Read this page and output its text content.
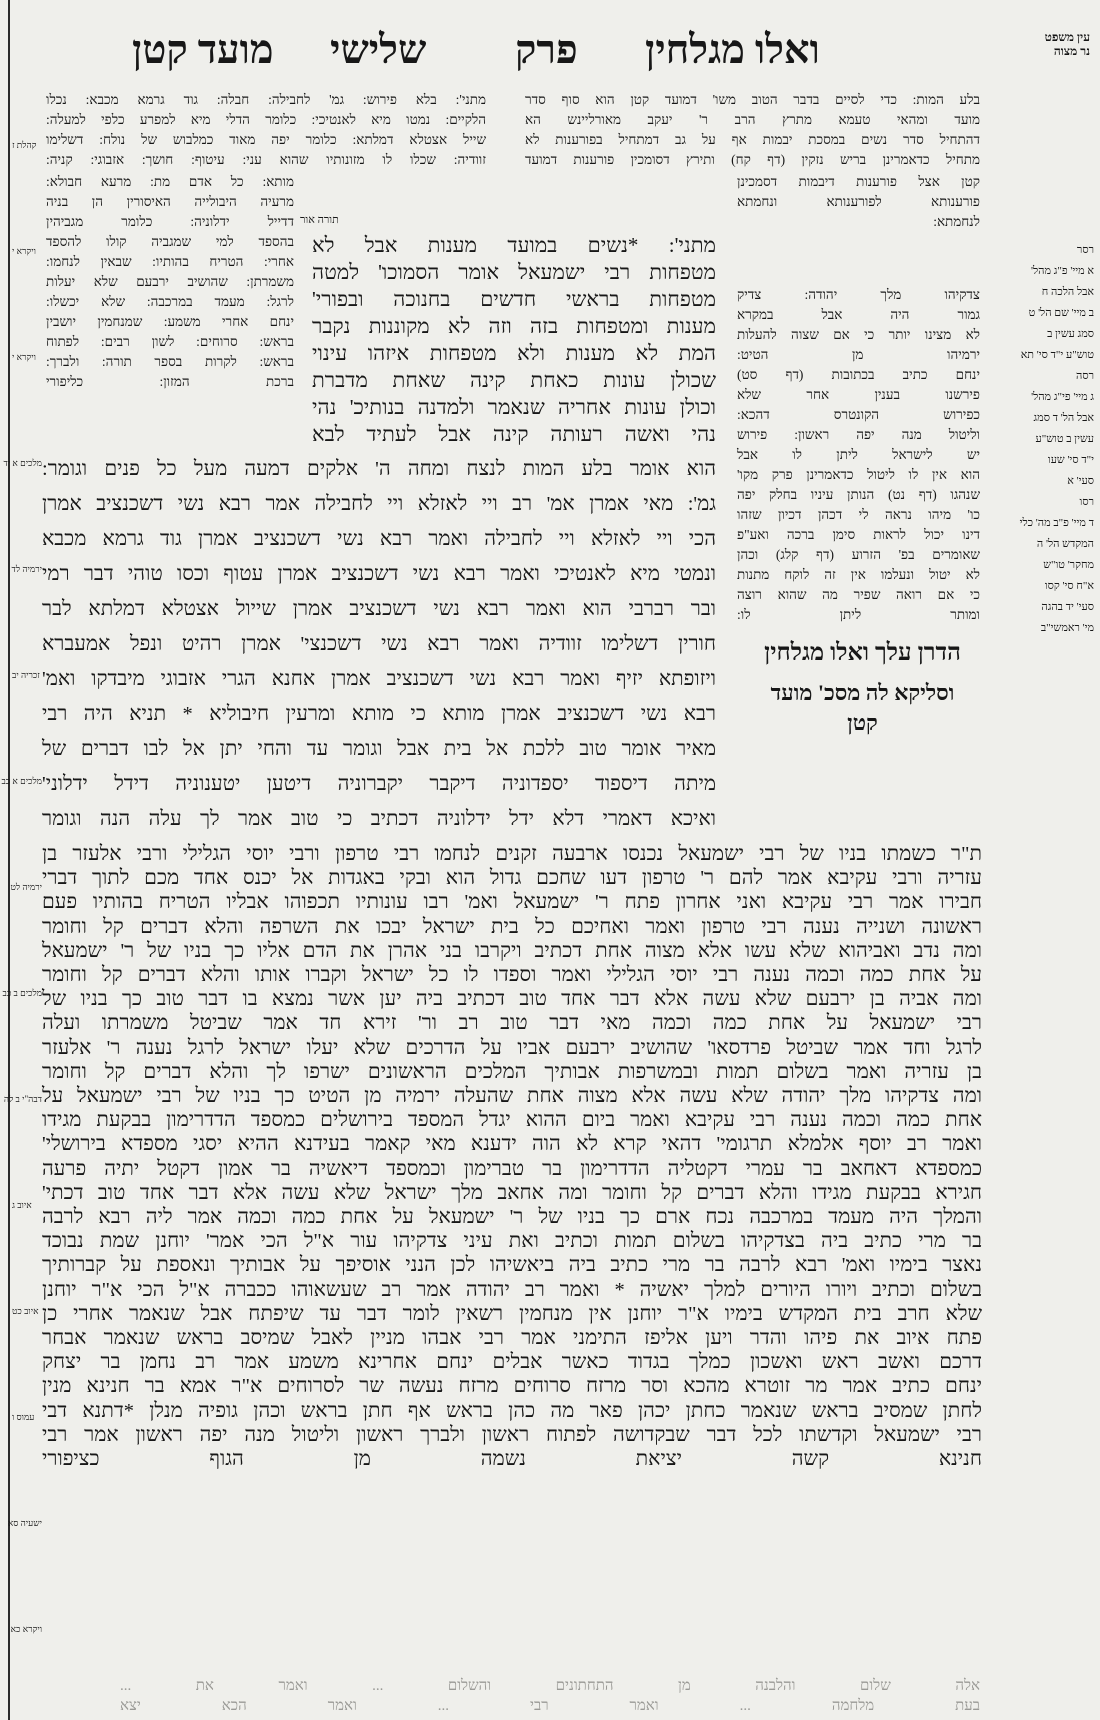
מועד קטן שלישי פרק ואלו מגלחין	עין משפט
נר מצוה
רסר
א מיי' פ"ג מהל'
אבל הלכה ח
ב מיי' שם הל' ט
סמג עשין ב
טוש"ע י"ד סי' תא
רסה
ג מיי' פי"ג מהל'
אבל הל' ד סמג
עשין ב טוש"ע
י"ד סי' שעו
סעי' א
רסו
ד מיי' פ"ב מה' כלי
המקדש הל' ה
מחקר' טו"ש
א"ח סי' קסו
סעי' יד בהגה
מי' ראמשי"ב
קהלת ז
ויקרא י
ויקרא י
מלכים א יד
ירמיה לד
זכריה יב
מלכים א כב
ירמיה לט
מלכים ב כב
דבה"י ב לה
איוב ג
איוב כט
עמוס ו
ישעיה סא
ויקרא כא
מתני': בלא פירוש: גמ' לחבילה: חבלה: גוד גרמא מכבא: נכלו
הלקיים: נמטו מיא לאנטיכי: כלומר הדלי מיא למפרע כלפי למעלה:
שייל אצטלא דמלתא: כלומר יפה מאוד כמלבוש של נולח: דשלימו
זוודיה: שכלו לו מזונותיו שהוא עני: עיטוף: חושך: אזבוגי: קניה:
מותא: כל אדם מת: מרעא חבולא:
מרעיה היבולייה האיסורין הן בניה
דדייל ידלוניה: כלומר מגביהין
בהספד למי שמגביה קולו להספד
אחרי: הטריח בהותיו: שבאין לנחמו:
משמרתן: שהושיב ירבעם שלא יעלות
לרגל: מעמד במרכבה: שלא יכשלו:
ינחם אחרי משמע: שמנחמין יושבין
בראש: סרוחים: לשון רבים: לפתוח
בראש: לקרות בספר תורה: ולברך:
ברכת המזון: כליפורי
תורה אור
בלע המות: כדי לסיים בדבר הטוב משו' דמועד קטן הוא סוף סדר
מועד ומהאי טעמא מתרץ הרב ר' יעקב מאורליינש הא
דהתחיל סדר נשים במסכת יבמות אף על גב דמתחיל בפורענות לא
מתחיל כדאמרינן בריש נזקין (דף קח) ותירץ דסומכין פורענות דמועד
קטן אצל פורענות דיבמות דסמכינן
פורענותא לפורענותא ונחמתא
לנחמתא:
צדקיהו מלך יהודה: צדיק
גמור היה אבל במקרא
לא מצינו יותר כי אם שצוה להעלות
ירמיהו מן הטיט:
ינחם כתיב בכתובות (דף סט)
פירשנו בענין אחר שלא
כפירוש הקונטרס דהכא:
וליטול מנה יפה ראשון: פירוש
יש לישראל ליתן לו אבל
הוא אין לו ליטול כדאמרינן פרק מקו'
שנהגו (דף נט) הנותן עיניו בחלק יפה
כו' מיהו נראה לי דכהן דכיון שזהו
דינו יכול לראות סימן ברכה ואע"פ
שאומרים בפ' הזרוע (דף קלג) וכהן
לא יטול ונעלמו אין זה לוקח מתנות
כי אם רואה שפיר מה שהוא רוצה
ומותר ליתן לו:
הדרן עלך ואלו מגלחין
וסליקא לה מסכ' מועד
קטן
מתני': *נשים במועד מענות אבל לא
מטפחות רבי ישמעאל אומר הסמוכו' למטה
מטפחות בראשי חדשים בחנוכה ובפורי'
מענות ומטפחות בזה וזה לא מקוננות נקבר
המת לא מענות ולא מטפחות איזהו עינוי
שכולן עונות כאחת קינה שאחת מדברת
וכולן עונות אחריה שנאמר ולמדנה בנותיכ' נהי
נהי ואשה רעותה קינה אבל לעתיד לבא
הוא אומר בלע המות לנצח ומחה ה' אלקים דמעה מעל כל פנים וגומר:
גמ': מאי אמרן אמ' רב ויי לאזלא ויי לחבילה אמר רבא נשי דשכנציב אמרן
הכי ויי לאזלא ויי לחבילה ואמר רבא נשי דשכנציב אמרן גוד גרמא מכבא
ונמטי מיא לאנטיכי ואמר רבא נשי דשכנציב אמרן עטוף וכסו טוהי דבר רמי
ובר רברבי הוא ואמר רבא נשי דשכנציב אמרן שייול אצטלא דמלתא לבר
חורין דשלימו זוודיה ואמר רבא נשי דשכנצי' אמרן רהיט ונפל אמעברא
ויזופתא יזיף ואמר רבא נשי דשכנציב אמרן אחנא הגרי אזבוגי מיבדקו ואמ'
רבא נשי דשכנציב אמרן מותא כי מותא ומרעין חיבוליא * תניא היה רבי
מאיר אומר טוב ללכת אל בית אבל וגומר עד והחי יתן אל לבו דברים של
מיתה דיספוד יספדוניה דיקבר יקברוניה דיטען יטענוניה דידל ידלוני'
ואיכא דאמרי דלא ידל ידלוניה דכתיב כי טוב אמר לך עלה הנה וגומר
ת"ר כשמתו בניו של רבי ישמעאל נכנסו ארבעה זקנים לנחמו רבי טרפון ורבי יוסי הגלילי ורבי אלעזר בן
עזריה ורבי עקיבא אמר להם ר' טרפון דעו שחכם גדול הוא ובקי באגדות אל יכנס אחד מכם לתוך דברי
חבירו אמר רבי עקיבא ואני אחרון פתח ר' ישמעאל ואמ' רבו עונותיו תכפוהו אבליו הטריח בהותיו פעם
ראשונה ושנייה נענה רבי טרפון ואמר ואחיכם כל בית ישראל יבכו את השרפה והלא דברים קל וחומר
ומה נדב ואביהוא שלא עשו אלא מצוה אחת דכתיב ויקרבו בני אהרן את הדם אליו כך בניו של ר' ישמעאל
על אחת כמה וכמה נענה רבי יוסי הגלילי ואמר וספדו לו כל ישראל וקברו אותו והלא דברים קל וחומר
ומה אביה בן ירבעם שלא עשה אלא דבר אחד טוב דכתיב ביה יען אשר נמצא בו דבר טוב כך בניו של
רבי ישמעאל על אחת כמה וכמה מאי דבר טוב רב ור' זירא חד אמר שביטל משמרתו ועלה
לרגל וחד אמר שביטל פרדסאו' שהושיב ירבעם אביו על הדרכים שלא יעלו ישראל לרגל נענה ר' אלעזר
בן עזריה ואמר בשלום תמות ובמשרפות אבותיך המלכים הראשונים ישרפו לך והלא דברים קל וחומר
ומה צדקיהו מלך יהודה שלא עשה אלא מצוה אחת שהעלה ירמיה מן הטיט כך בניו של רבי ישמעאל על
אחת כמה וכמה נענה רבי עקיבא ואמר ביום ההוא יגדל המספד בירושלים כמספד הדדרימון בבקעת מגידו
ואמר רב יוסף אלמלא תרגומי' דהאי קרא לא הוה ידענא מאי קאמר בעידנא ההיא יסגי מספדא בירושלי'
כמספדא דאחאב בר עמרי דקטליה הדדרימון בר טברימון וכמספד דיאשיה בר אמון דקטל יתיה פרעה
חגירא בבקעת מגידו והלא דברים קל וחומר ומה אחאב מלך ישראל שלא עשה אלא דבר אחד טוב דכתי'
והמלך היה מעמד במרכבה נכח ארם כך בניו של ר' ישמעאל על אחת כמה וכמה אמר ליה רבא לרבה
בר מרי כתיב ביה בצדקיהו בשלום תמות וכתיב ואת עיני צדקיהו עור א"ל הכי אמר' יוחנן שמת נבוכד
נאצר בימיו ואמ' רבא לרבה בר מרי כתיב ביה ביאשיהו לכן הנני אוסיפך על אבותיך ונאספת על קברותיך
בשלום וכתיב ויורו היורים למלך יאשיה * ואמר רב יהודה אמר רב שעשאוהו ככברה א"ל הכי א"ר יוחנן
שלא חרב בית המקדש בימיו א"ר יוחנן אין מנחמין רשאין לומר דבר עד שיפתח אבל שנאמר אחרי כן
פתח איוב את פיהו והדר ויען אליפז התימני אמר רבי אבהו מניין לאבל שמיסב בראש שנאמר אבחר
דרכם ואשב ראש ואשכון כמלך בגדוד כאשר אבלים ינחם אחרינא משמע אמר רב נחמן בר יצחק
ינחם כתיב אמר מר זוטרא מהכא וסר מרזח סרוחים מרזח נעשה שר לסרוחים א"ר אמא בר חנינא מנין
לחתן שמסיב בראש שנאמר כחתן יכהן פאר מה כהן בראש אף חתן בראש וכהן גופיה מנלן *דתנא דבי
רבי ישמעאל וקדשתו לכל דבר שבקדושה לפתוח ראשון ולברך ראשון וליטול מנה יפה ראשון אמר רבי
חנינא קשה יציאת נשמה מן הגוף כציפורי
אלה שלום והלבנה מן התחתונים והשלום ... ואמר את ...
בעת מלחמה ... ואמר רבי ... ואמר הכא יצא
